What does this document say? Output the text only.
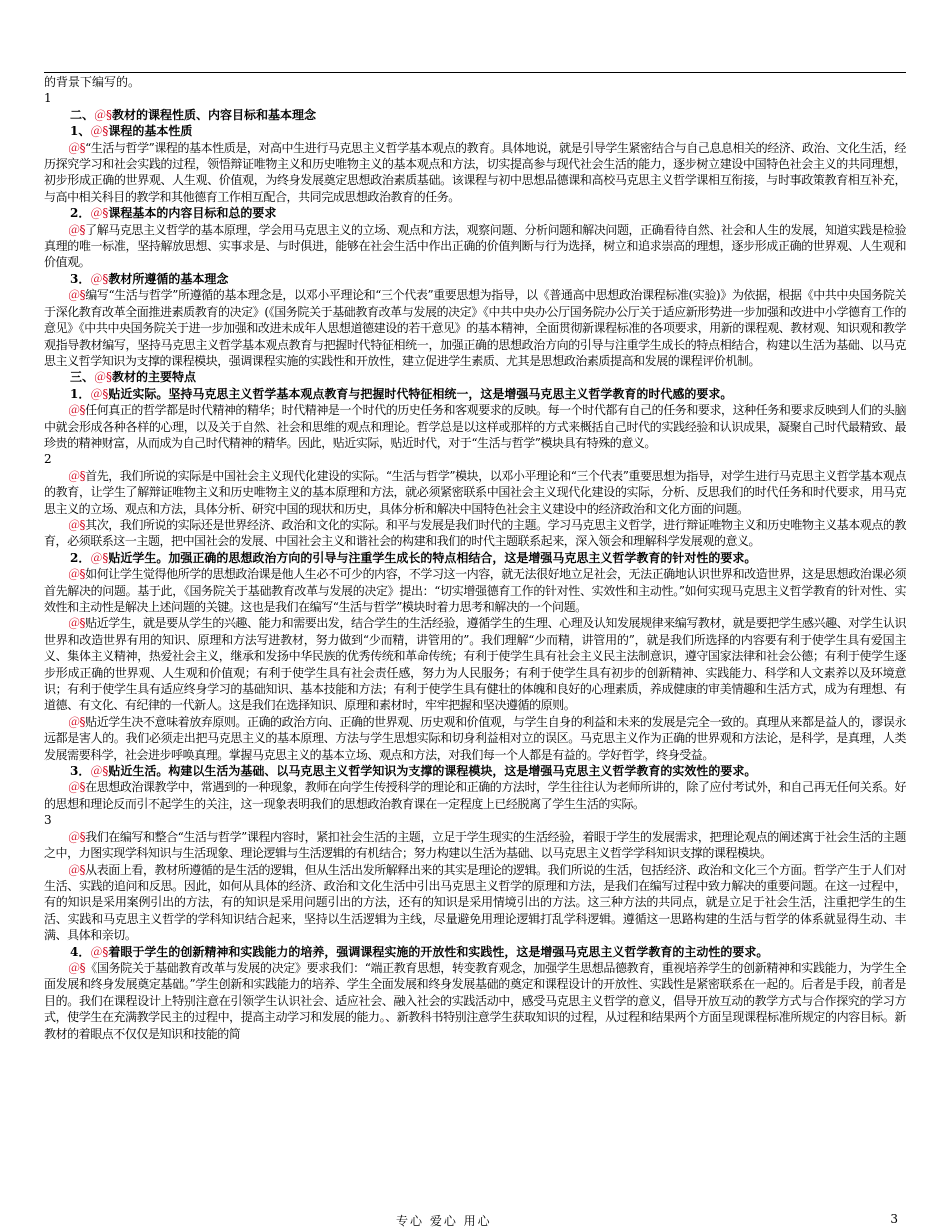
的背景下编写的。
1
二、＠§教材的课程性质、内容目标和基本理念
1、＠§课程的基本性质

＠§“生活与哲学”课程的基本性质是，对高中生进行马克思主义哲学基本观点的教育。具体地说，就是引导学生紧密结合与自己息息相关的经济、政治、文化生活，经历探究学习和社会实践的过程，领悟辩证唯物主义和历史唯物主义的基本观点和方法，切实提高参与现代社会生活的能力，逐步树立建设中国特色社会主义的共同理想，初步形成正确的世界观、人生观、价值观，为终身发展奠定思想政治素质基础。该课程与初中思想品德课和高校马克思主义哲学课相互衔接，与时事政策教育相互补充，与高中相关科目的教学和其他德育工作相互配合，共同完成思想政治教育的任务。

2．＠§课程基本的内容目标和总的要求

＠§了解马克思主义哲学的基本原理，学会用马克思主义的立场、观点和方法，观察问题、分析问题和解决问题，正确看待自然、社会和人生的发展，知道实践是检验真理的唯一标准，坚持解放思想、实事求是、与时俱进，能够在社会生活中作出正确的价值判断与行为选择，树立和追求崇高的理想，逐步形成正确的世界观、人生观和价值观。

3．＠§教材所遵循的基本理念

＠§编写“生活与哲学”所遵循的基本理念是，以邓小平理论和“三个代表”重要思想为指导，以《普通高中思想政治课程标准(实验)》为依据，根据《中共中央国务院关于深化教育改革全面推进素质教育的决定》(《国务院关于基础教育改革与发展的决定》《中共中央办公厅国务院办公厅关于适应新形势进一步加强和改进中小学德育工作的意见》《中共中央国务院关于进一步加强和改进未成年人思想道德建设的若干意见》的基本精神，全面贯彻新课程标准的各项要求，用新的课程观、教材观、知识观和教学观指导教材编写，坚持马克思主义哲学基本观点教育与把握时代特征相统一，加强正确的思想政治方向的引导与注重学生成长的特点相结合，构建以生活为基础、以马克思主义哲学知识为支撑的课程模块，强调课程实施的实践性和开放性，建立促进学生素质、尤其是思想政治素质提高和发展的课程评价机制。

三、＠§教材的主要特点
1．＠§贴近实际。坚持马克思主义哲学基本观点教育与把握时代特征相统一，这是增强马克思主义哲学教育的时代感的要求。

＠§任何真正的哲学都是时代精神的精华；时代精神是一个时代的历史任务和客观要求的反映。每一个时代都有自己的任务和要求，这种任务和要求反映到人们的头脑中就会形成各种各样的心理，以及关于自然、社会和思维的观点和理论。哲学总是以这样或那样的方式来概括自己时代的实践经验和认识成果，凝聚自己时代最精致、最珍贵的精神财富，从而成为自己时代精神的精华。因此，贴近实际，贴近时代，对于“生活与哲学”模块具有特殊的意义。

2

＠§首先，我们所说的实际是中国社会主义现代化建设的实际。“生活与哲学”模块，以邓小平理论和“三个代表”重要思想为指导，对学生进行马克思主义哲学基本观点的教育，让学生了解辩证唯物主义和历史唯物主义的基本原理和方法，就必须紧密联系中国社会主义现代化建设的实际，分析、反思我们的时代任务和时代要求，用马克思主义的立场、观点和方法，具体分析、研究中国的现状和历史，具体分析和解决中国特色社会主义建设中的经济政治和文化方面的问题。

＠§其次，我们所说的实际还是世界经济、政治和文化的实际。和平与发展是我们时代的主题。学习马克思主义哲学，进行辩证唯物主义和历史唯物主义基本观点的教育，必须联系这一主题，把中国社会的发展、中国社会主义和谐社会的构建和我们的时代主题联系起来，深入领会和理解科学发展观的意义。

2．＠§贴近学生。加强正确的思想政治方向的引导与注重学生成长的特点相结合，这是增强马克思主义哲学教育的针对性的要求。

＠§如何让学生觉得他所学的思想政治课是他人生必不可少的内容，不学习这一内容，就无法很好地立足社会，无法正确地认识世界和改造世界，这是思想政治课必须首先解决的问题。基于此，《国务院关于基础教育改革与发展的决定》提出：“切实增强德育工作的针对性、实效性和主动性。”如何实现马克思主义哲学教育的针对性、实效性和主动性是解决上述问题的关键。这也是我们在编写“生活与哲学”模块时着力思考和解决的一个问题。

＠§贴近学生，就是要从学生的兴趣、能力和需要出发，结合学生的生活经验，遵循学生的生理、心理及认知发展规律来编写教材，就是要把学生感兴趣、对学生认识世界和改造世界有用的知识、原理和方法写进教材，努力做到“少而精，讲管用的”。我们理解“少而精，讲管用的”，就是我们所选择的内容要有利于使学生具有爱国主义、集体主义精神，热爱社会主义，继承和发扬中华民族的优秀传统和革命传统；有利于使学生具有社会主义民主法制意识，遵守国家法律和社会公德；有利于使学生逐步形成正确的世界观、人生观和价值观；有利于使学生具有社会责任感，努力为人民服务；有利于使学生具有初步的创新精神、实践能力、科学和人文素养以及环境意识；有利于使学生具有适应终身学习的基础知识、基本技能和方法；有利于使学生具有健壮的体魄和良好的心理素质，养成健康的审美情趣和生活方式，成为有理想、有道德、有文化、有纪律的一代新人。这是我们在选择知识、原理和素材时，牢牢把握和坚决遵循的原则。

＠§贴近学生决不意味着放弃原则。正确的政治方向、正确的世界观、历史观和价值观，与学生自身的利益和未来的发展是完全一致的。真理从来都是益人的，谬误永远都是害人的。我们必须走出把马克思主义的基本原理、方法与学生思想实际和切身利益相对立的误区。马克思主义作为正确的世界观和方法论，是科学，是真理，人类发展需要科学，社会进步呼唤真理。掌握马克思主义的基本立场、观点和方法，对我们每一个人都是有益的。学好哲学，终身受益。

3．＠§贴近生活。构建以生活为基础、以马克思主义哲学知识为支撑的课程模块，这是增强马克思主义哲学教育的实效性的要求。

＠§在思想政治课教学中，常遇到的一种现象，教师在向学生传授科学的理论和正确的方法时，学生往往认为老师所讲的，除了应付考试外，和自己再无任何关系。好的思想和理论反而引不起学生的关注，这一现象表明我们的思想政治教育课在一定程度上已经脱离了学生生活的实际。

3

＠§我们在编写和整合“生活与哲学”课程内容时，紧扣社会生活的主题，立足于学生现实的生活经验，着眼于学生的发展需求，把理论观点的阐述寓于社会生活的主题之中，力图实现学科知识与生活现象、理论逻辑与生活逻辑的有机结合；努力构建以生活为基础、以马克思主义哲学学科知识支撑的课程模块。

＠§从表面上看，教材所遵循的是生活的逻辑，但从生活出发所解释出来的其实是理论的逻辑。我们所说的生活，包括经济、政治和文化三个方面。哲学产生于人们对生活、实践的追问和反思。因此，如何从具体的经济、政治和文化生活中引出马克思主义哲学的原理和方法，是我们在编写过程中致力解决的重要问题。在这一过程中，有的知识是采用案例引出的方法，有的知识是采用问题引出的方法，还有的知识是采用情境引出的方法。这三种方法的共同点，就是立足于社会生活，注重把学生的生活、实践和马克思主义哲学的学科知识结合起来，坚持以生活逻辑为主线，尽量避免用理论逻辑打乱学科逻辑。遵循这一思路构建的生活与哲学的体系就显得生动、丰满、具体和亲切。

4．＠§着眼于学生的创新精神和实践能力的培养，强调课程实施的开放性和实践性，这是增强马克思主义哲学教育的主动性的要求。

＠§《国务院关于基础教育改革与发展的决定》要求我们：“端正教育思想，转变教育观念，加强学生思想品德教育，重视培养学生的创新精神和实践能力，为学生全面发展和终身发展奠定基础。”学生创新和实践能力的培养、学生全面发展和终身发展基础的奠定和课程设计的开放性、实践性是紧密联系在一起的。后者是手段，前者是目的。我们在课程设计上特别注意在引领学生认识社会、适应社会、融入社会的实践活动中，感受马克思主义哲学的意义，倡导开放互动的教学方式与合作探究的学习方式，使学生在充满教学民主的过程中，提高主动学习和发展的能力。、新教科书特别注意学生获取知识的过程，从过程和结果两个方面呈现课程标准所规定的内容目标。新教材的着眼点不仅仅是知识和技能的简

专心 爱心 用心	3
